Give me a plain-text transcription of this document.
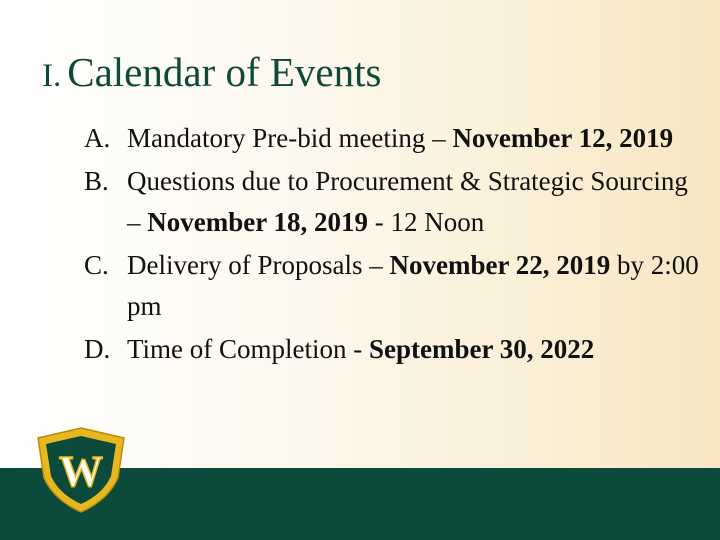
I. Calendar of Events
A. Mandatory Pre-bid meeting – November 12, 2019
B. Questions due to Procurement & Strategic Sourcing – November 18, 2019 - 12 Noon
C. Delivery of Proposals – November 22, 2019 by 2:00 pm
D. Time of Completion - September 30, 2022
W
